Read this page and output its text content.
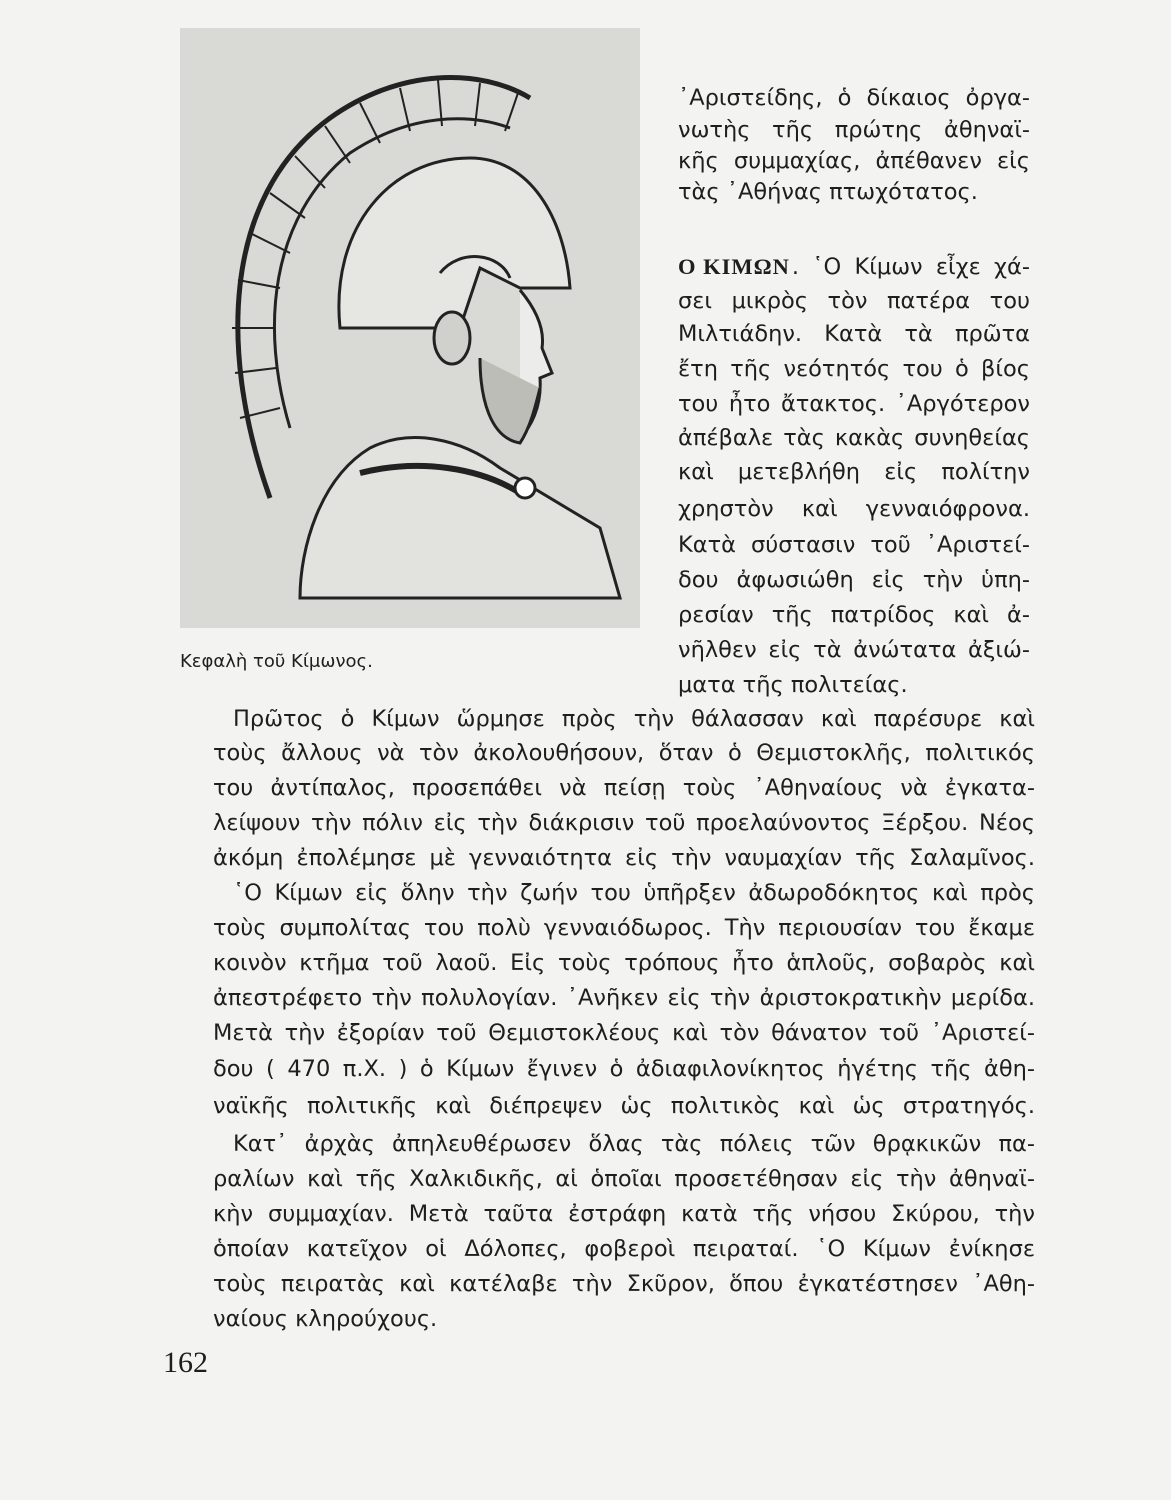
Κεφαλὴ τοῦ Κίμωνος.
᾿Αριστείδης, ὁ δίκαιος ὀργα-
νωτὴς τῆς πρώτης ἀθηναϊ-
κῆς συμμαχίας, ἀπέθανεν εἰς
τὰς ᾿Αθήνας πτωχότατος.
Ο ΚΙΜΩΝ . ῾Ο Κίμων εἶχε χά-
σει μικρὸς τὸν πατέρα του
Μιλτιάδην. Κατὰ τὰ πρῶτα
ἔτη τῆς νεότητός του ὁ βίος
του ἦτο ἄτακτος. ᾿Αργότερον
ἀπέβαλε τὰς κακὰς συνηθείας
καὶ μετεβλήθη εἰς πολίτην
χρηστὸν καὶ γενναιόφρονα.
Κατὰ σύστασιν τοῦ ᾿Αριστεί-
δου ἀφωσιώθη εἰς τὴν ὑπη-
ρεσίαν τῆς πατρίδος καὶ ἀ-
νῆλθεν εἰς τὰ ἀνώτατα ἀξιώ-
ματα τῆς πολιτείας.
Πρῶτος ὁ Κίμων ὥρμησε πρὸς τὴν θάλασσαν καὶ παρέσυρε καὶ
τοὺς ἄλλους νὰ τὸν ἀκολουθήσουν, ὅταν ὁ Θεμιστοκλῆς, πολιτικός
του ἀντίπαλος, προσεπάθει νὰ πείσῃ τοὺς ᾿Αθηναίους νὰ ἐγκατα-
λείψουν τὴν πόλιν εἰς τὴν διάκρισιν τοῦ προελαύνοντος Ξέρξου. Νέος
ἀκόμη ἐπολέμησε μὲ γενναιότητα εἰς τὴν ναυμαχίαν τῆς Σαλαμῖνος.
῾Ο Κίμων εἰς ὅλην τὴν ζωήν του ὑπῆρξεν ἀδωροδόκητος καὶ πρὸς
τοὺς συμπολίτας του πολὺ γενναιόδωρος. Τὴν περιουσίαν του ἔκαμε
κοινὸν κτῆμα τοῦ λαοῦ. Εἰς τοὺς τρόπους ἦτο ἁπλοῦς, σοβαρὸς καὶ
ἀπεστρέφετο τὴν πολυλογίαν. ᾿Ανῆκεν εἰς τὴν ἀριστοκρατικὴν μερίδα.
Μετὰ τὴν ἐξορίαν τοῦ Θεμιστοκλέους καὶ τὸν θάνατον τοῦ ᾿Αριστεί-
δου ( 470 π.Χ. ) ὁ Κίμων ἔγινεν ὁ ἀδιαφιλονίκητος ἡγέτης τῆς ἀθη-
ναϊκῆς πολιτικῆς καὶ διέπρεψεν ὡς πολιτικὸς καὶ ὡς στρατηγός.
Κατ᾿ ἀρχὰς ἀπηλευθέρωσεν ὅλας τὰς πόλεις τῶν θρᾳκικῶν πα-
ραλίων καὶ τῆς Χαλκιδικῆς, αἱ ὁποῖαι προσετέθησαν εἰς τὴν ἀθηναϊ-
κὴν συμμαχίαν. Μετὰ ταῦτα ἐστράφη κατὰ τῆς νήσου Σκύρου, τὴν
ὁποίαν κατεῖχον οἱ Δόλοπες, φοβεροὶ πειραταί. ῾Ο Κίμων ἐνίκησε
τοὺς πειρατὰς καὶ κατέλαβε τὴν Σκῦρον, ὅπου ἐγκατέστησεν ᾿Αθη-
ναίους κληρούχους.
162
